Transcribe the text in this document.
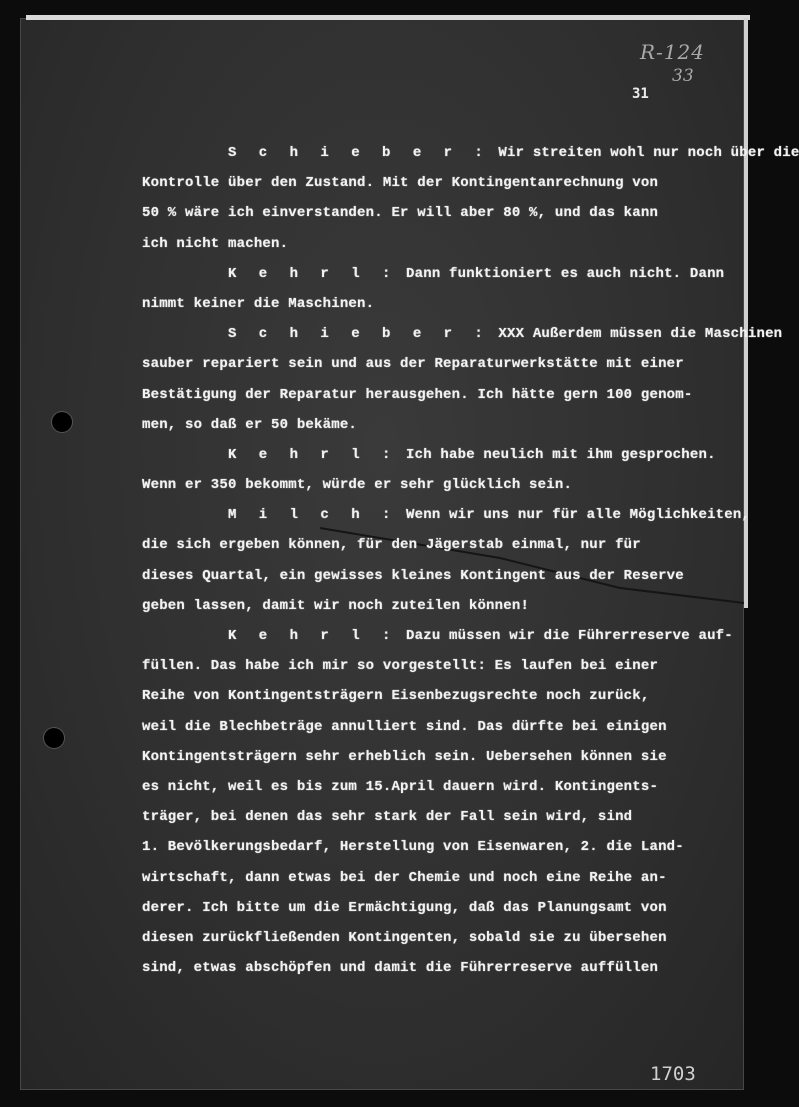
R-124
33
31
S c h i e b e r : Wir streiten wohl nur noch über die
Kontrolle über den Zustand. Mit der Kontingentanrechnung von
50 % wäre ich einverstanden. Er will aber 80 %, und das kann
ich nicht machen.
K e h r l : Dann funktioniert es auch nicht. Dann
nimmt keiner die Maschinen.
S c h i e b e r : XXX Außerdem müssen die Maschinen
sauber repariert sein und aus der Reparaturwerkstätte mit einer
Bestätigung der Reparatur herausgehen. Ich hätte gern 100 genom-
men, so daß er 50 bekäme.
K e h r l : Ich habe neulich mit ihm gesprochen.
Wenn er 350 bekommt, würde er sehr glücklich sein.
M i l c h : Wenn wir uns nur für alle Möglichkeiten,
die sich ergeben können, für den Jägerstab einmal, nur für
dieses Quartal, ein gewisses kleines Kontingent aus der Reserve
geben lassen, damit wir noch zuteilen können!
K e h r l : Dazu müssen wir die Führerreserve auf-
füllen. Das habe ich mir so vorgestellt: Es laufen bei einer
Reihe von Kontingentsträgern Eisenbezugsrechte noch zurück,
weil die Blechbeträge annulliert sind. Das dürfte bei einigen
Kontingentsträgern sehr erheblich sein. Uebersehen können sie
es nicht, weil es bis zum 15.April dauern wird. Kontingents-
träger, bei denen das sehr stark der Fall sein wird, sind
1. Bevölkerungsbedarf, Herstellung von Eisenwaren, 2. die Land-
wirtschaft, dann etwas bei der Chemie und noch eine Reihe an-
derer. Ich bitte um die Ermächtigung, daß das Planungsamt von
diesen zurückfließenden Kontingenten, sobald sie zu übersehen
sind, etwas abschöpfen und damit die Führerreserve auffüllen
1703
